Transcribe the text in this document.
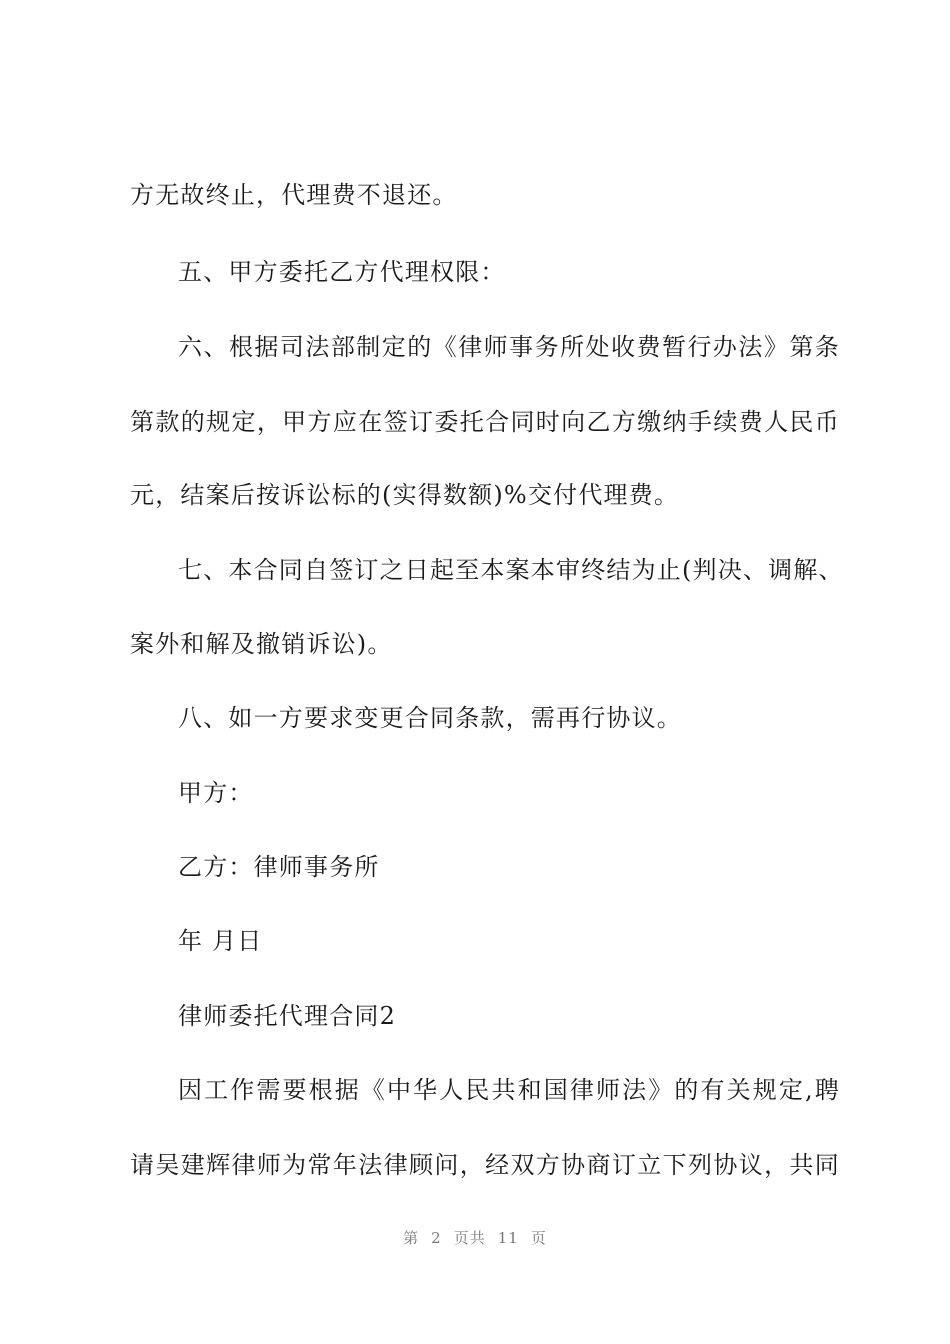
方无故终止，代理费不退还。
五、甲方委托乙方代理权限：
六、根据司法部制定的《律师事务所处收费暂行办法》第条
第款的规定，甲方应在签订委托合同时向乙方缴纳手续费人民币
元，结案后按诉讼标的(实得数额)%交付代理费。
七、本合同自签订之日起至本案本审终结为止(判决、调解、
案外和解及撤销诉讼)。
八、如一方要求变更合同条款，需再行协议。
甲方：
乙方：律师事务所
年 月日
律师委托代理合同2
因工作需要根据《中华人民共和国律师法》的有关规定,聘
请吴建辉律师为常年法律顾问，经双方协商订立下列协议，共同
第 2 页共 11 页
